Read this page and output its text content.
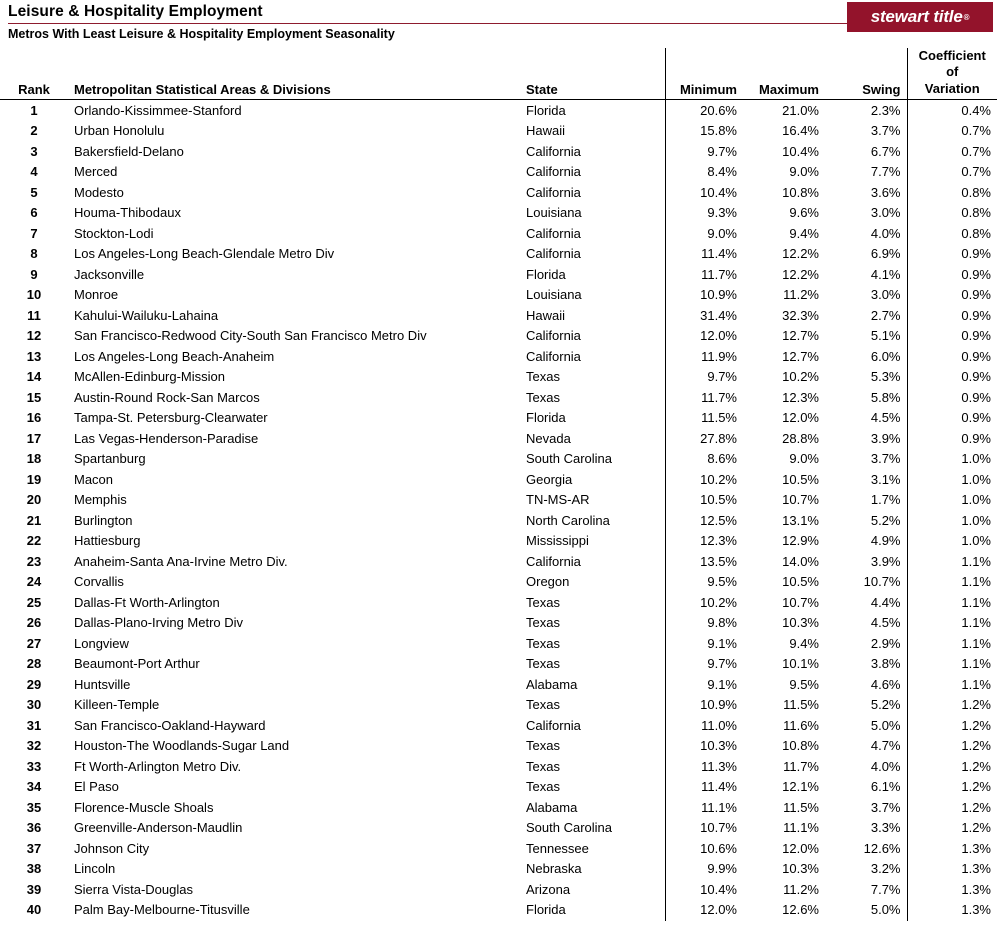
Leisure & Hospitality Employment
Metros With Least Leisure & Hospitality Employment Seasonality
stewart title ®
Rank	Metropolitan Statistical Areas & Divisions	State	Minimum	Maximum	Swing	Coefficient
of
Variation

1	Orlando-Kissimmee-Stanford	Florida	20.6%	21.0%	2.3%	0.4%
2	Urban Honolulu	Hawaii	15.8%	16.4%	3.7%	0.7%
3	Bakersfield-Delano	California	9.7%	10.4%	6.7%	0.7%
4	Merced	California	8.4%	9.0%	7.7%	0.7%
5	Modesto	California	10.4%	10.8%	3.6%	0.8%
6	Houma-Thibodaux	Louisiana	9.3%	9.6%	3.0%	0.8%
7	Stockton-Lodi	California	9.0%	9.4%	4.0%	0.8%
8	Los Angeles-Long Beach-Glendale Metro Div	California	11.4%	12.2%	6.9%	0.9%
9	Jacksonville	Florida	11.7%	12.2%	4.1%	0.9%
10	Monroe	Louisiana	10.9%	11.2%	3.0%	0.9%
11	Kahului-Wailuku-Lahaina	Hawaii	31.4%	32.3%	2.7%	0.9%
12	San Francisco-Redwood City-South San Francisco Metro Div	California	12.0%	12.7%	5.1%	0.9%
13	Los Angeles-Long Beach-Anaheim	California	11.9%	12.7%	6.0%	0.9%
14	McAllen-Edinburg-Mission	Texas	9.7%	10.2%	5.3%	0.9%
15	Austin-Round Rock-San Marcos	Texas	11.7%	12.3%	5.8%	0.9%
16	Tampa-St. Petersburg-Clearwater	Florida	11.5%	12.0%	4.5%	0.9%
17	Las Vegas-Henderson-Paradise	Nevada	27.8%	28.8%	3.9%	0.9%
18	Spartanburg	South Carolina	8.6%	9.0%	3.7%	1.0%
19	Macon	Georgia	10.2%	10.5%	3.1%	1.0%
20	Memphis	TN-MS-AR	10.5%	10.7%	1.7%	1.0%
21	Burlington	North Carolina	12.5%	13.1%	5.2%	1.0%
22	Hattiesburg	Mississippi	12.3%	12.9%	4.9%	1.0%
23	Anaheim-Santa Ana-Irvine Metro Div.	California	13.5%	14.0%	3.9%	1.1%
24	Corvallis	Oregon	9.5%	10.5%	10.7%	1.1%
25	Dallas-Ft Worth-Arlington	Texas	10.2%	10.7%	4.4%	1.1%
26	Dallas-Plano-Irving Metro Div	Texas	9.8%	10.3%	4.5%	1.1%
27	Longview	Texas	9.1%	9.4%	2.9%	1.1%
28	Beaumont-Port Arthur	Texas	9.7%	10.1%	3.8%	1.1%
29	Huntsville	Alabama	9.1%	9.5%	4.6%	1.1%
30	Killeen-Temple	Texas	10.9%	11.5%	5.2%	1.2%
31	San Francisco-Oakland-Hayward	California	11.0%	11.6%	5.0%	1.2%
32	Houston-The Woodlands-Sugar Land	Texas	10.3%	10.8%	4.7%	1.2%
33	Ft Worth-Arlington Metro Div.	Texas	11.3%	11.7%	4.0%	1.2%
34	El Paso	Texas	11.4%	12.1%	6.1%	1.2%
35	Florence-Muscle Shoals	Alabama	11.1%	11.5%	3.7%	1.2%
36	Greenville-Anderson-Maudlin	South Carolina	10.7%	11.1%	3.3%	1.2%
37	Johnson City	Tennessee	10.6%	12.0%	12.6%	1.3%
38	Lincoln	Nebraska	9.9%	10.3%	3.2%	1.3%
39	Sierra Vista-Douglas	Arizona	10.4%	11.2%	7.7%	1.3%
40	Palm Bay-Melbourne-Titusville	Florida	12.0%	12.6%	5.0%	1.3%
